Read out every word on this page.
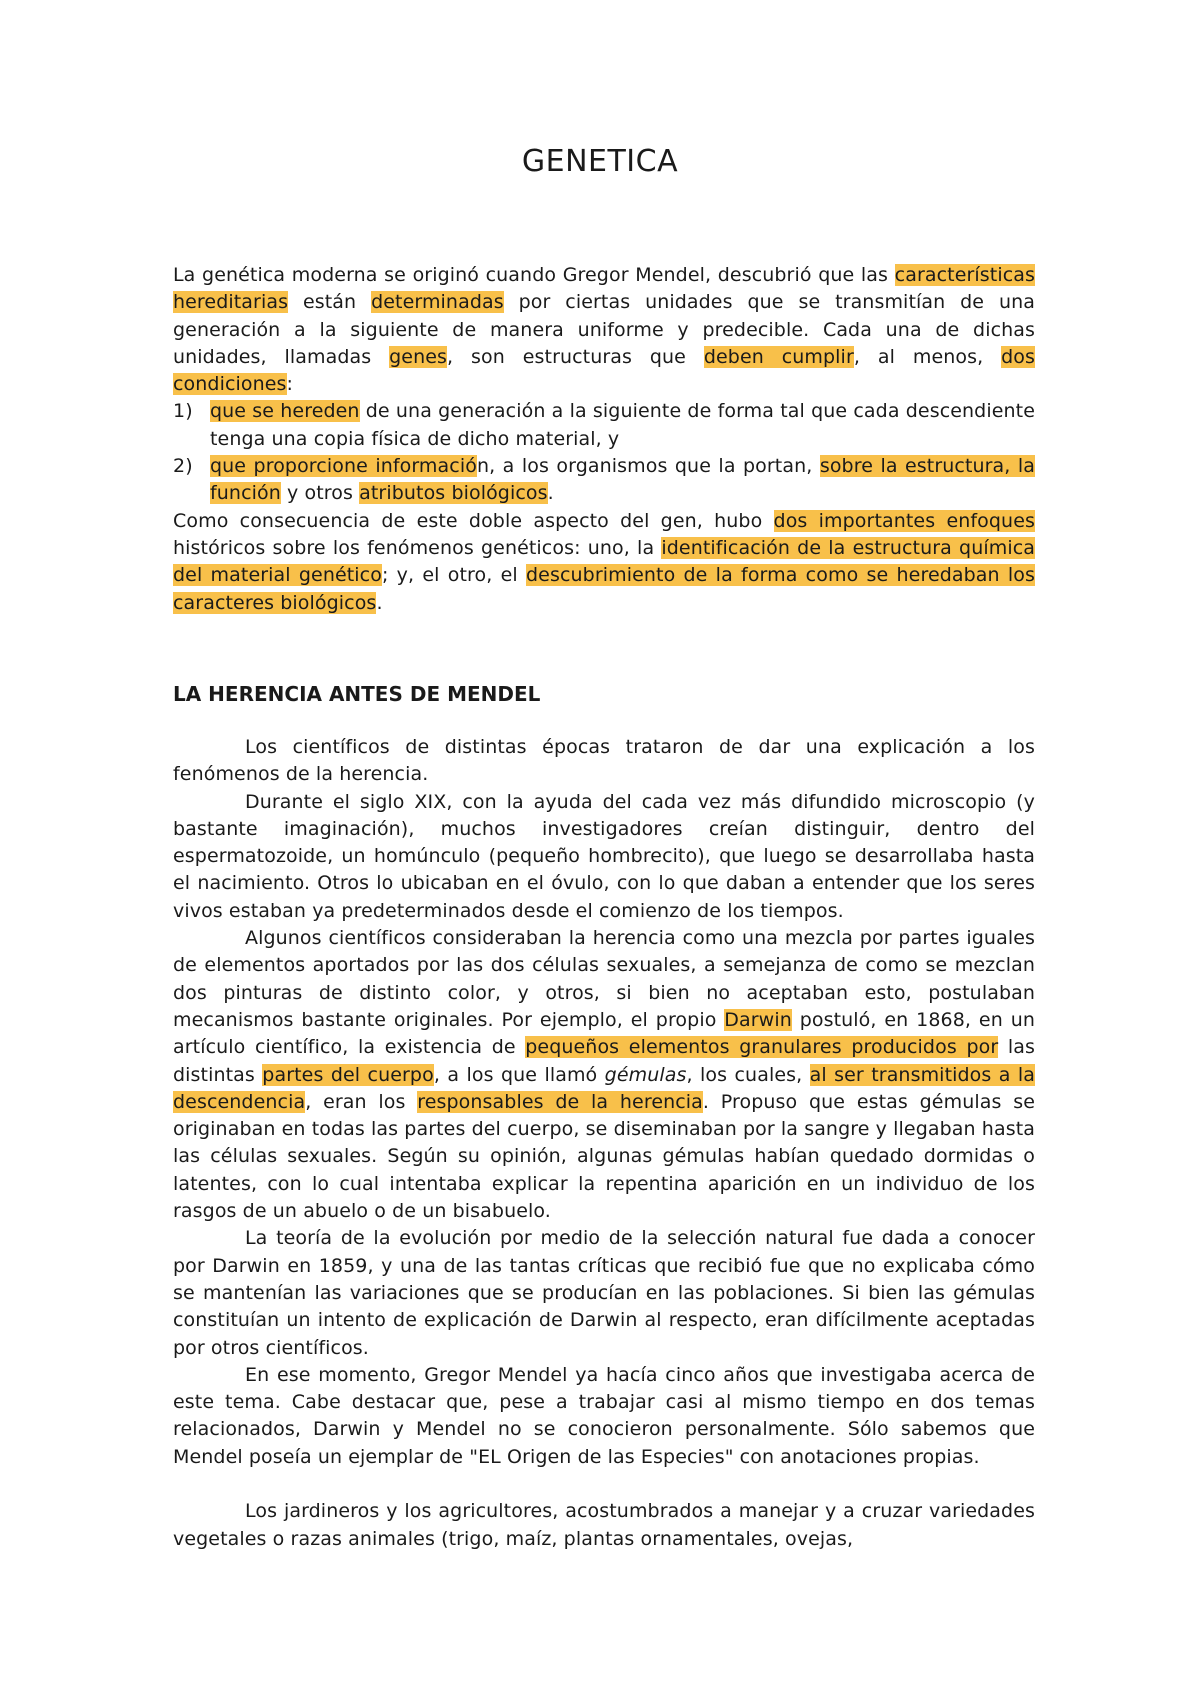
GENETICA

La genética moderna se originó cuando Gregor Mendel, descubrió que las características hereditarias están determinadas por ciertas unidades que se transmitían de una generación a la siguiente de manera uniforme y predecible. Cada una de dichas unidades, llamadas genes, son estructuras que deben cumplir, al menos, dos condiciones:

1) que se hereden de una generación a la siguiente de forma tal que cada descendiente tenga una copia física de dicho material, y
2) que proporcione información, a los organismos que la portan, sobre la estructura, la función y otros atributos biológicos.

Como consecuencia de este doble aspecto del gen, hubo dos importantes enfoques históricos sobre los fenómenos genéticos: uno, la identificación de la estructura química del material genético; y, el otro, el descubrimiento de la forma como se heredaban los caracteres biológicos.

LA HERENCIA ANTES DE MENDEL

Los científicos de distintas épocas trataron de dar una explicación a los fenómenos de la herencia.

Durante el siglo XIX, con la ayuda del cada vez más difundido microscopio (y bastante imaginación), muchos investigadores creían distinguir, dentro del espermatozoide, un homúnculo (pequeño hombrecito), que luego se desarrollaba hasta el nacimiento. Otros lo ubicaban en el óvulo, con lo que daban a entender que los seres vivos estaban ya predeterminados desde el comienzo de los tiempos.

Algunos científicos consideraban la herencia como una mezcla por partes iguales de elementos aportados por las dos células sexuales, a semejanza de como se mezclan dos pinturas de distinto color, y otros, si bien no aceptaban esto, postulaban mecanismos bastante originales. Por ejemplo, el propio Darwin postuló, en 1868, en un artículo científico, la existencia de pequeños elementos granulares producidos por las distintas partes del cuerpo, a los que llamó gémulas, los cuales, al ser transmitidos a la descendencia, eran los responsables de la herencia. Propuso que estas gémulas se originaban en todas las partes del cuerpo, se diseminaban por la sangre y llegaban hasta las células sexuales. Según su opinión, algunas gémulas habían quedado dormidas o latentes, con lo cual intentaba explicar la repentina aparición en un individuo de los rasgos de un abuelo o de un bisabuelo.

La teoría de la evolución por medio de la selección natural fue dada a conocer por Darwin en 1859, y una de las tantas críticas que recibió fue que no explicaba cómo se mantenían las variaciones que se producían en las poblaciones. Si bien las gémulas constituían un intento de explicación de Darwin al respecto, eran difícilmente aceptadas por otros científicos.

En ese momento, Gregor Mendel ya hacía cinco años que investigaba acerca de este tema. Cabe destacar que, pese a trabajar casi al mismo tiempo en dos temas relacionados, Darwin y Mendel no se conocieron personalmente. Sólo sabemos que Mendel poseía un ejemplar de "EL Origen de las Especies" con anotaciones propias.

Los jardineros y los agricultores, acostumbrados a manejar y a cruzar variedades vegetales o razas animales (trigo, maíz, plantas ornamentales, ovejas,
